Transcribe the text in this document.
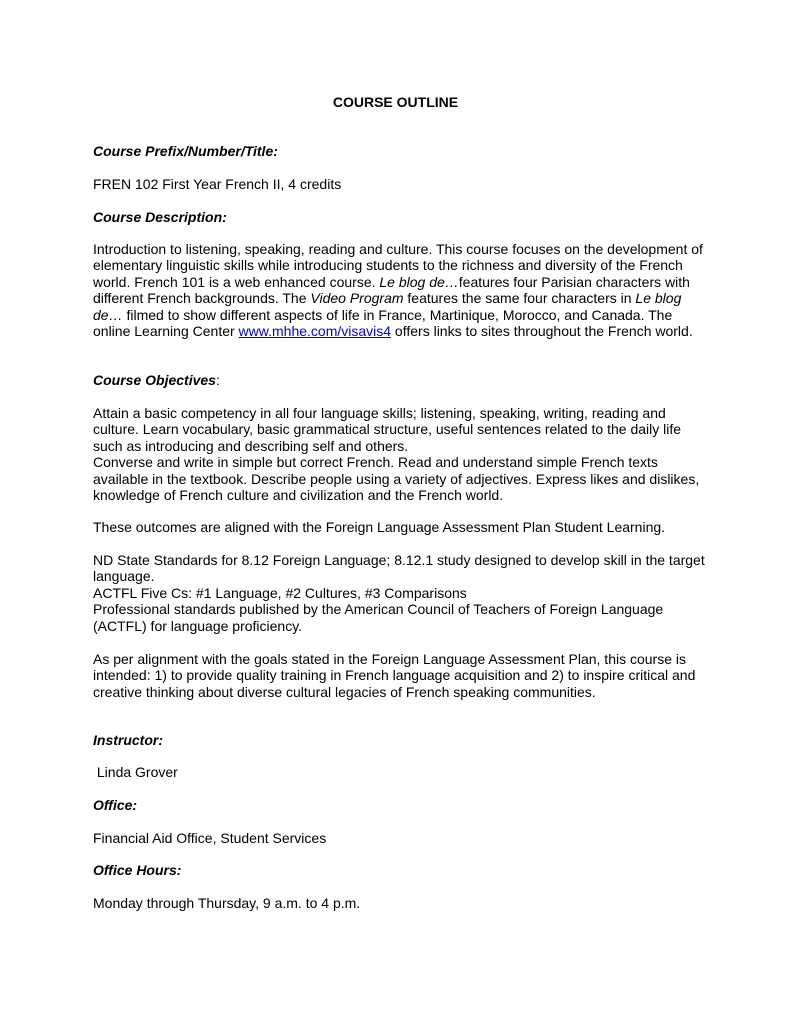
COURSE OUTLINE
Course Prefix/Number/Title:
FREN 102 First Year French II, 4 credits
Course Description:
Introduction to listening, speaking, reading and culture. This course focuses on the development of elementary linguistic skills while introducing students to the richness and diversity of the French world. French 101 is a web enhanced course. Le blog de…features four Parisian characters with different French backgrounds. The Video Program features the same four characters in Le blog de… filmed to show different aspects of life in France, Martinique, Morocco, and Canada. The online Learning Center www.mhhe.com/visavis4 offers links to sites throughout the French world.
Course Objectives:

Attain a basic competency in all four language skills; listening, speaking, writing, reading and culture. Learn vocabulary, basic grammatical structure, useful sentences related to the daily life such as introducing and describing self and others.

Converse and write in simple but correct French. Read and understand simple French texts available in the textbook. Describe people using a variety of adjectives. Express likes and dislikes, knowledge of French culture and civilization and the French world.

These outcomes are aligned with the Foreign Language Assessment Plan Student Learning.

ND State Standards for 8.12 Foreign Language; 8.12.1 study designed to develop skill in the target language.

ACTFL Five Cs: #1 Language, #2 Cultures, #3 Comparisons

Professional standards published by the American Council of Teachers of Foreign Language (ACTFL) for language proficiency.

As per alignment with the goals stated in the Foreign Language Assessment Plan, this course is intended: 1) to provide quality training in French language acquisition and 2) to inspire critical and creative thinking about diverse cultural legacies of French speaking communities.
Instructor:
Linda Grover
Office:
Financial Aid Office, Student Services
Office Hours:
Monday through Thursday, 9 a.m. to 4 p.m.
